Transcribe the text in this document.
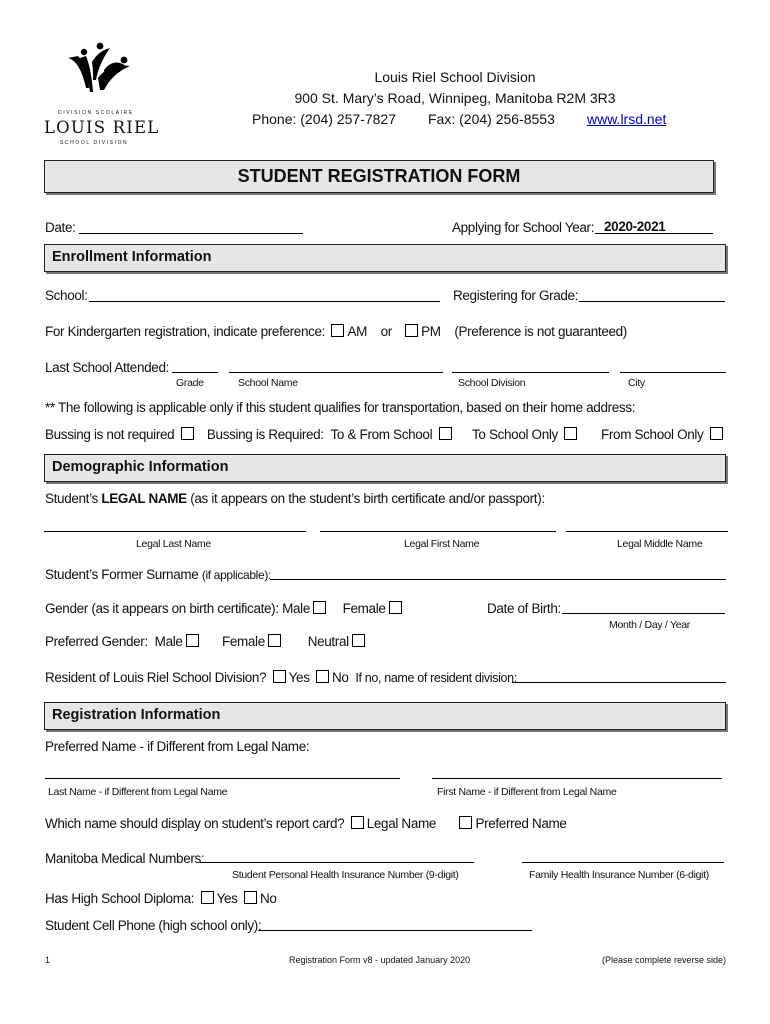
DIVISION SCOLAIRE
LOUIS RIEL
SCHOOL DIVISION
Louis Riel School Division
900 St. Mary’s Road, Winnipeg, Manitoba R2M 3R3
Phone: (204) 257-7827 Fax: (204) 256-8553 www.lrsd.net
STUDENT REGISTRATION FORM
Date:	Applying for School Year: 2020-2021
Enrollment Information
School:	Registering for Grade:
For Kindergarten registration, indicate preference: AM or PM (Preference is not guaranteed)
Last School Attended:
Grade	School Name	School Division	City
** The following is applicable only if this student qualifies for transportation, based on their home address:
Bussing is not required Bussing is Required: To & From School	To School Only	From School Only
Demographic Information
Student’s LEGAL NAME (as it appears on the student’s birth certificate and/or passport):
Legal Last Name	Legal First Name	Legal Middle Name
Student’s Former Surname (if applicable):
Gender (as it appears on birth certificate): Male Female	Date of Birth:
Month / Day / Year
Preferred Gender: Male	Female	Neutral
Resident of Louis Riel School Division? Yes No If no, name of resident division:
Registration Information
Preferred Name - if Different from Legal Name:
Last Name - if Different from Legal Name	First Name - if Different from Legal Name
Which name should display on student’s report card? Legal Name	Preferred Name
Manitoba Medical Numbers:
Student Personal Health Insurance Number (9-digit)	Family Health Insurance Number (6-digit)
Has High School Diploma: Yes No
Student Cell Phone (high school only):
1	Registration Form v8 - updated January 2020	(Please complete reverse side)
